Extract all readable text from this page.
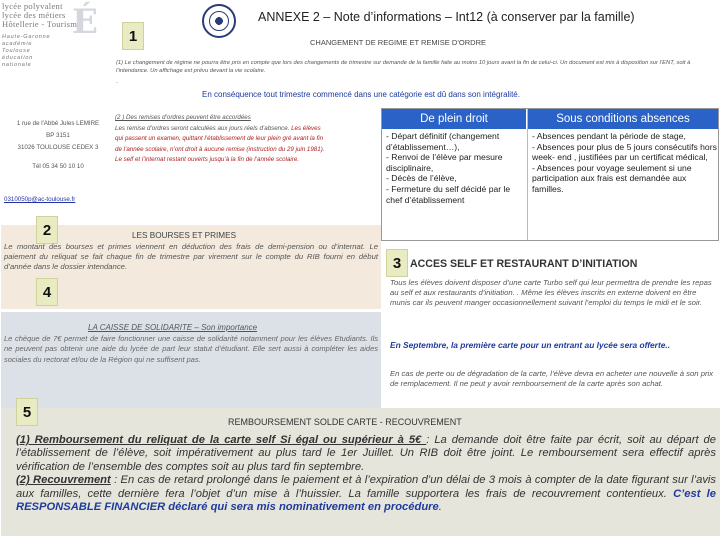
É
lycée polyvalent
lycée des métiers
Hôtellerie - Tourisme
Haute-Garonne
académie
Toulouse
éducation
nationale
1
ANNEXE 2 – Note d’informations – Int12 (à conserver par la famille)
CHANGEMENT DE REGIME ET REMISE D’ORDRE
(1) Le changement de régime ne pourra être pris en compte que lors des changements de trimestre sur demande de la famille faite au moins 10 jours avant la fin de celui-ci. Un document est mis à disposition sur l’ENT, soit à l’intendance. Un affichage est prévu devant la vie scolaire.
.
En conséquence tout trimestre commencé dans une catégorie est dû dans son intégralité.
1 rue de l'Abbé Jules LEMIRE
BP 3151
31026 TOULOUSE CEDEX 3
Tél 05 34 50 10 10
0310050p@ac-toulouse.fr
(2 ) Des remises d’ordres peuvent être accordées
Les remise d’ordres seront calculées aux jours réels d’absence. Les élèves qui passent un examen, quittant l’établissement de leur plein gré avant la fin de l’année scolaire, n’ont droit à aucune remise (instruction du 29 juin 1981). Le self et l’internat restant ouverts jusqu’à la fin de l’année scolaire.
De plein droit	Sous conditions absences
- Départ définitif (changement d’établissement…),
- Renvoi de l’élève par mesure disciplinaire,
- Décès de l’élève,
- Fermeture du self décidé par le chef d’établissement
- Absences pendant la période de stage,
- Absences pour plus de 5 jours consécutifs hors week- end , justifiées par un certificat médical,
- Absences pour voyage seulement si une participation aux frais est demandée aux familles.
2	LES BOURSES ET PRIMES
Le montant des bourses et primes viennent en déduction des frais de demi-pension ou d’internat. Le paiement du reliquat se fait chaque fin de trimestre par virement sur le compte du RIB fourni en début d’année dans le dossier intendance.
4
LA CAISSE DE SOLIDARITE – Son importance
Le chèque de 7€ permet de faire fonctionner une caisse de solidarité notamment pour les élèves Etudiants. Ils ne peuvent pas obtenir une aide du lycée de part leur statut d’étudiant. Elle sert aussi à compléter les aides sociales du rectorat et/ou de la Région qui ne suffisent pas.
3 ACCES SELF ET RESTAURANT D’INITIATION
Tous les élèves doivent disposer d’une carte Turbo self qui leur permettra de prendre les repas au self et aux restaurants d’initiation. . Même les élèves inscrits en externe doivent en être munis car ils peuvent manger occasionnellement suivant l’emploi du temps le midi et le soir.
En Septembre, la première carte pour un entrant au lycée sera offerte..
En cas de perte ou de dégradation de la carte, l’élève devra en acheter une nouvelle à son prix de remplacement. Il ne peut y avoir remboursement de la carte après son achat.
5
REMBOURSEMENT SOLDE CARTE - RECOUVREMENT
(1) Remboursement du reliquat de la carte self Si égal ou supérieur à 5€ : La demande doit être faite par écrit, soit au départ de l’établissement de l’élève, soit impérativement au plus tard le 1er Juillet. Un RIB doit être joint. Le remboursement sera effectif après vérification de l’ensemble des comptes soit au plus tard fin septembre.
(2) Recouvrement : En cas de retard prolongé dans le paiement et à l’expiration d’un délai de 3 mois à compter de la date figurant sur l’avis aux familles, cette dernière fera l’objet d’un mise à l’huissier. La famille supportera les frais de recouvrement contentieux. C’est le RESPONSABLE FINANCIER déclaré qui sera mis nominativement en procédure.
